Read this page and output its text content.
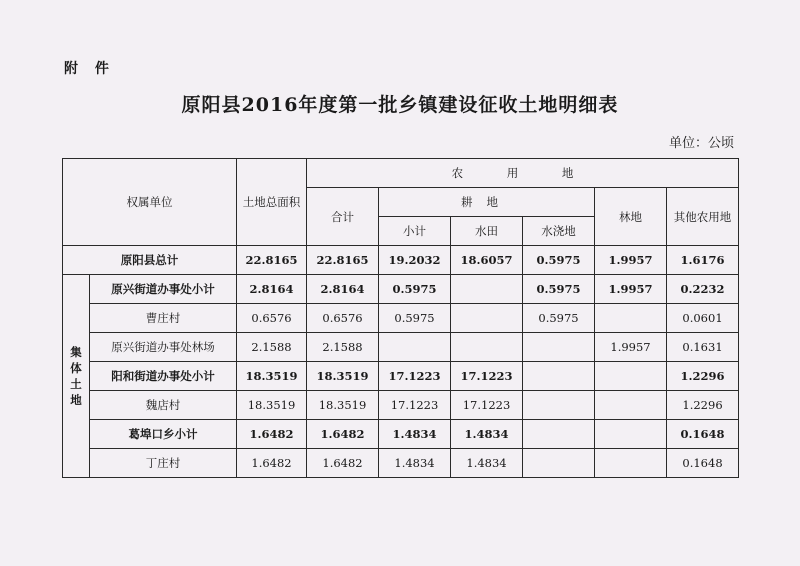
附 件
原阳县2016年度第一批乡镇建设征收土地明细表
单位：公顷
权属单位		土地总面积	农 用 地					
			合计	耕地			林地	其他农用地
				小计	水田	水浇地		
原阳县总计		22.8165	22.8165	19.2032	18.6057	0.5975	1.9957	1.6176

集
体
土
地	原兴街道办事处小计	2.8164	2.8164	0.5975		0.5975	1.9957	0.2232
	曹庄村	0.6576	0.6576	0.5975		0.5975		0.0601
	原兴街道办事处林场	2.1588	2.1588				1.9957	0.1631
	阳和街道办事处小计	18.3519	18.3519	17.1223	17.1223			1.2296
	魏店村	18.3519	18.3519	17.1223	17.1223			1.2296
	葛埠口乡小计	1.6482	1.6482	1.4834	1.4834			0.1648
	丁庄村	1.6482	1.6482	1.4834	1.4834			0.1648
